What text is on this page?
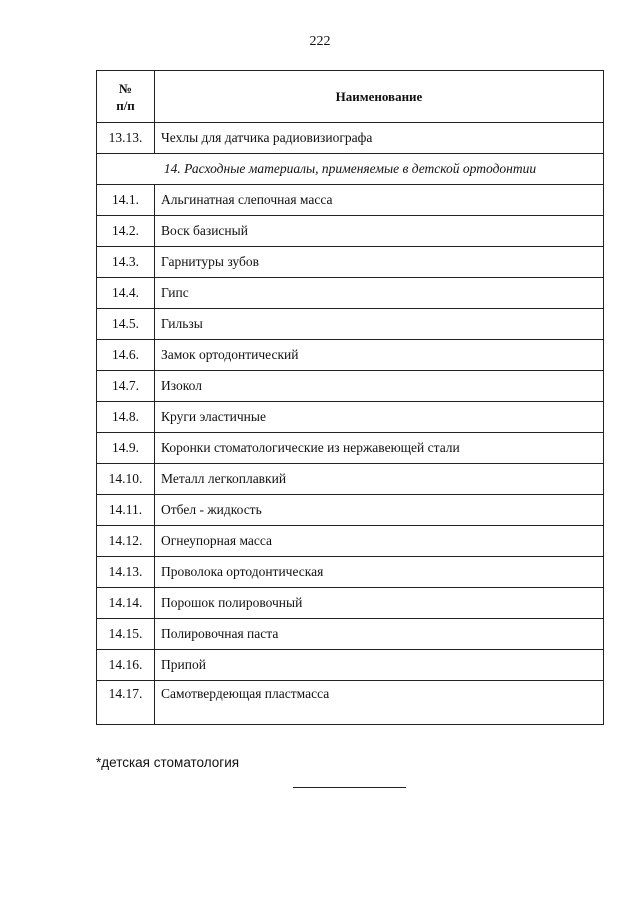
222
№
п/п	Наименование
13.13.	Чехлы для датчика радиовизиографа
14. Расходные материалы, применяемые в детской ортодонтии	
14.1.	Альгинатная слепочная масса
14.2.	Воск базисный
14.3.	Гарнитуры зубов
14.4.	Гипс
14.5.	Гильзы
14.6.	Замок ортодонтический
14.7.	Изокол
14.8.	Круги эластичные
14.9.	Коронки стоматологические из нержавеющей стали
14.10.	Металл легкоплавкий
14.11.	Отбел - жидкость
14.12.	Огнеупорная масса
14.13.	Проволока ортодонтическая
14.14.	Порошок полировочный
14.15.	Полировочная паста
14.16.	Припой
14.17.	Самотвердеющая пластмасса
*детская стоматология
